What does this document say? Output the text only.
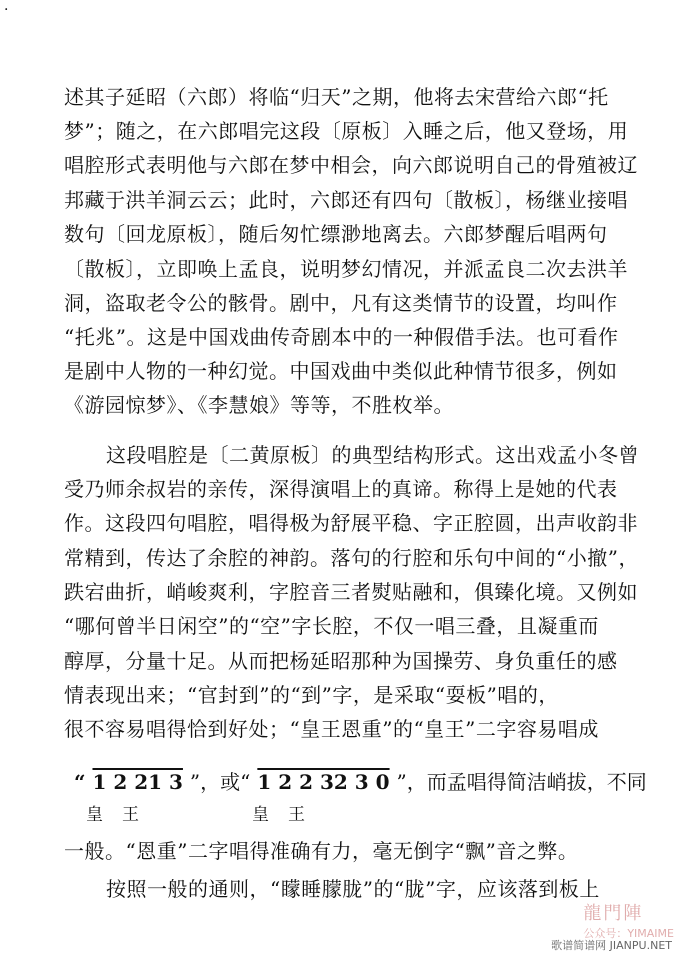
·
述其子延昭（六郎）将临“归天”之期，他将去宋营给六郎“托
梦”；随之，在六郎唱完这段〔原板〕入睡之后，他又登场，用
唱腔形式表明他与六郎在梦中相会，向六郎说明自己的骨殖被辽
邦藏于洪羊洞云云；此时，六郎还有四句〔散板〕，杨继业接唱
数句〔回龙原板〕，随后匆忙缥渺地离去。六郎梦醒后唱两句
〔散板〕，立即唤上孟良，说明梦幻情况，并派孟良二次去洪羊
洞，盗取老令公的骸骨。剧中，凡有这类情节的设置，均叫作
“托兆”。这是中国戏曲传奇剧本中的一种假借手法。也可看作
是剧中人物的一种幻觉。中国戏曲中类似此种情节很多，例如
《游园惊梦》、《李慧娘》等等，不胜枚举。
这段唱腔是〔二黄原板〕的典型结构形式。这出戏孟小冬曾
受乃师余叔岩的亲传，深得演唱上的真谛。称得上是她的代表
作。这段四句唱腔，唱得极为舒展平稳、字正腔圆，出声收韵非
常精到，传达了余腔的神韵。落句的行腔和乐句中间的“小撤”，
跌宕曲折，峭峻爽利，字腔音三者熨贴融和，俱臻化境。又例如
“哪何曾半日闲空”的“空”字长腔，不仅一唱三叠，且凝重而
醇厚，分量十足。从而把杨延昭那种为国操劳、身负重任的感
情表现出来；“官封到”的“到”字，是采取“耍板”唱的，
很不容易唱得恰到好处；“皇王恩重”的“皇王”二字容易唱成
“ 1 2 21 3 ”，或“ 1 2 2 32 3 0 ”，而孟唱得简洁峭拔，不同
皇 王	皇 王
一般。“恩重”二字唱得准确有力，毫无倒字“飘”音之弊。
按照一般的通则，“矇睡朦胧”的“胧”字，应该落到板上
龍門陣
公众号：YIMAIME
歌谱简谱网 JIANPU.NET
